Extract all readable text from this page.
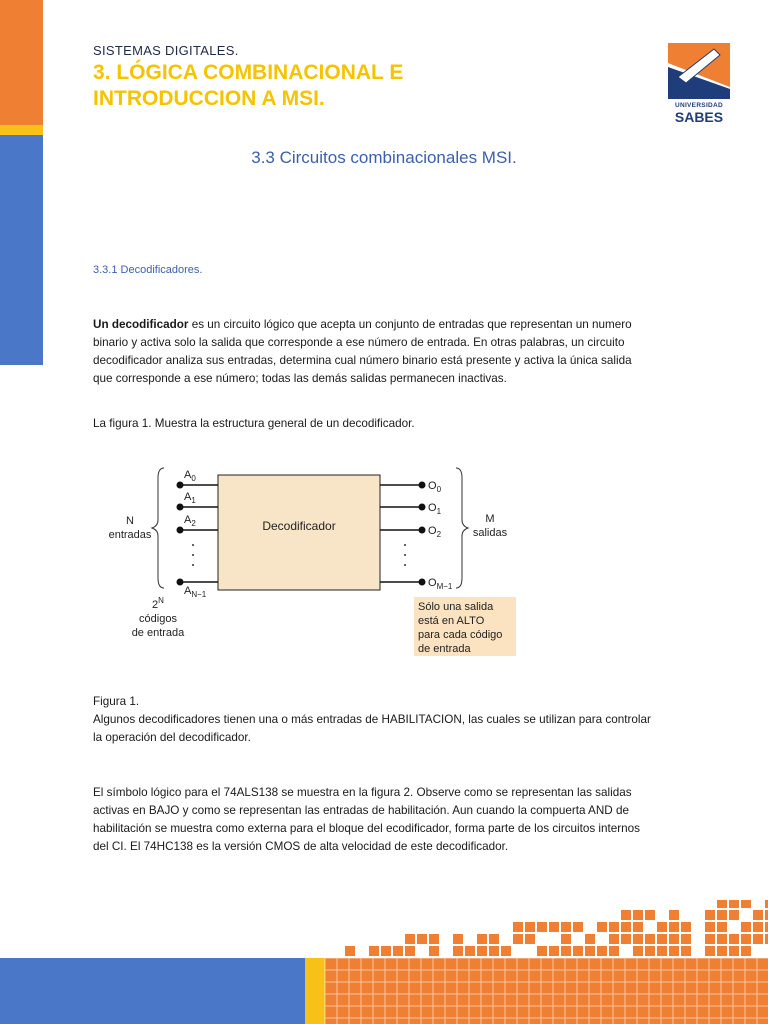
SISTEMAS DIGITALES.
3. LÓGICA COMBINACIONAL E
INTRODUCCION A MSI.	UNIVERSIDAD
SABES
3.3 Circuitos combinacionales MSI.
3.3.1 Decodificadores.
Un decodificador es un circuito lógico que acepta un conjunto de entradas que representan un numero binario y activa solo la salida que corresponde a ese número de entrada. En otras palabras, un circuito decodificador analiza sus entradas, determina cual número binario está presente y activa la única salida que corresponde a ese número; todas las demás salidas permanecen inactivas.
La figura 1. Muestra la estructura general de un decodificador.
Decodificador
N
entradas
$A_0$
$A_1$
$A_2$
$A_{N-1}$
$O_0$
$O_1$
$O_2$
$O_{M-1}$
M
salidas
$2^N$
códigos
de entrada
Sólo una salida
está en ALTO
para cada código
de entrada
Figura 1.
Algunos decodificadores tienen una o más entradas de HABILITACION, las cuales se utilizan para controlar la operación del decodificador.
El símbolo lógico para el 74ALS138 se muestra en la figura 2. Observe como se representan las salidas activas en BAJO y como se representan las entradas de habilitación. Aun cuando la compuerta AND de habilitación se muestra como externa para el bloque del ecodificador, forma parte de los circuitos internos del CI. El 74HC138 es la versión CMOS de alta velocidad de este decodificador.
